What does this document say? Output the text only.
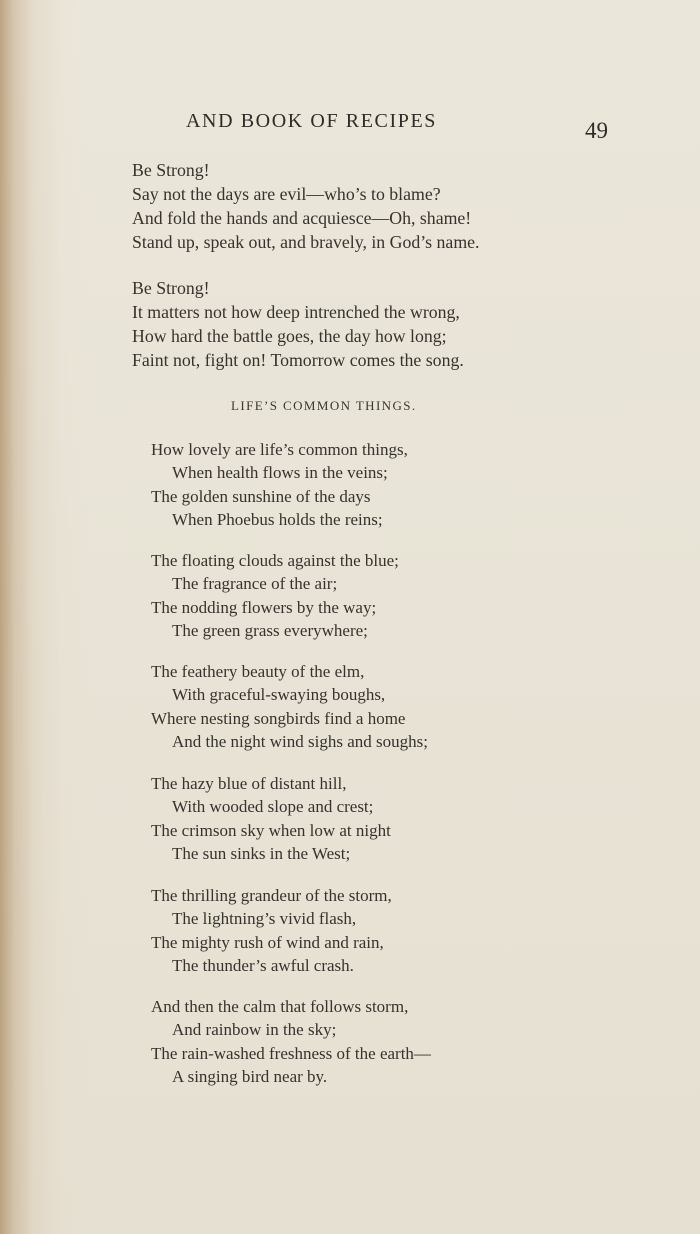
AND BOOK OF RECIPES	49

Be Strong!
Say not the days are evil—who’s to blame?
And fold the hands and acquiesce—Oh, shame!
Stand up, speak out, and bravely, in God’s name.

Be Strong!
It matters not how deep intrenched the wrong,
How hard the battle goes, the day how long;
Faint not, fight on! Tomorrow comes the song.

LIFE’S COMMON THINGS.

How lovely are life’s common things,
When health flows in the veins;
The golden sunshine of the days
When Phoebus holds the reins;

The floating clouds against the blue;
The fragrance of the air;
The nodding flowers by the way;
The green grass everywhere;

The feathery beauty of the elm,
With graceful-swaying boughs,
Where nesting songbirds find a home
And the night wind sighs and soughs;

The hazy blue of distant hill,
With wooded slope and crest;
The crimson sky when low at night
The sun sinks in the West;

The thrilling grandeur of the storm,
The lightning’s vivid flash,
The mighty rush of wind and rain,
The thunder’s awful crash.

And then the calm that follows storm,
And rainbow in the sky;
The rain-washed freshness of the earth—
A singing bird near by.
